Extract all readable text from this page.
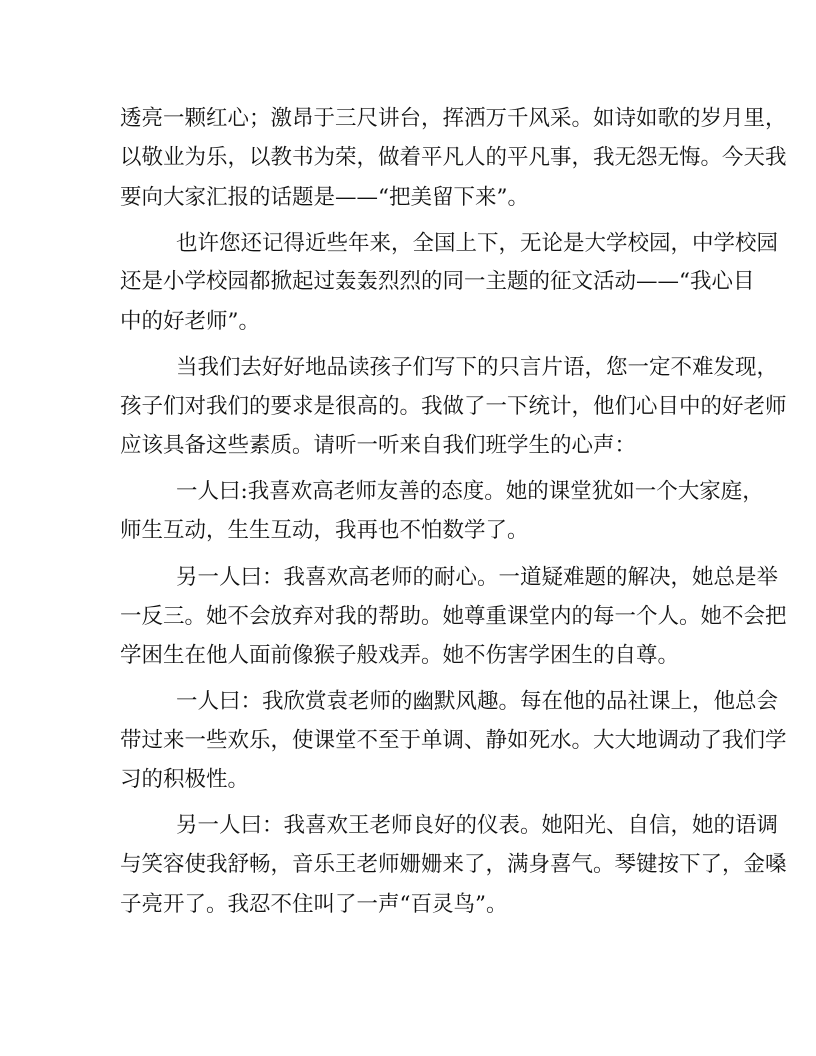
透亮一颗红心；激昂于三尺讲台，挥洒万千风采。如诗如歌的岁月里，
以敬业为乐，以教书为荣，做着平凡人的平凡事，我无怨无悔。今天我
要向大家汇报的话题是——“把美留下来”。
也许您还记得近些年来，全国上下，无论是大学校园，中学校园
还是小学校园都掀起过轰轰烈烈的同一主题的征文活动——“我心目
中的好老师”。
当我们去好好地品读孩子们写下的只言片语，您一定不难发现，
孩子们对我们的要求是很高的。我做了一下统计，他们心目中的好老师
应该具备这些素质。请听一听来自我们班学生的心声：
一人曰:我喜欢高老师友善的态度。她的课堂犹如一个大家庭，
师生互动，生生互动，我再也不怕数学了。
另一人曰：我喜欢高老师的耐心。一道疑难题的解决，她总是举
一反三。她不会放弃对我的帮助。她尊重课堂内的每一个人。她不会把
学困生在他人面前像猴子般戏弄。她不伤害学困生的自尊。
一人曰：我欣赏袁老师的幽默风趣。每在他的品社课上，他总会
带过来一些欢乐，使课堂不至于单调、静如死水。大大地调动了我们学
习的积极性。
另一人曰：我喜欢王老师良好的仪表。她阳光、自信，她的语调
与笑容使我舒畅，音乐王老师姗姗来了，满身喜气。琴键按下了，金嗓
子亮开了。我忍不住叫了一声“百灵鸟”。
